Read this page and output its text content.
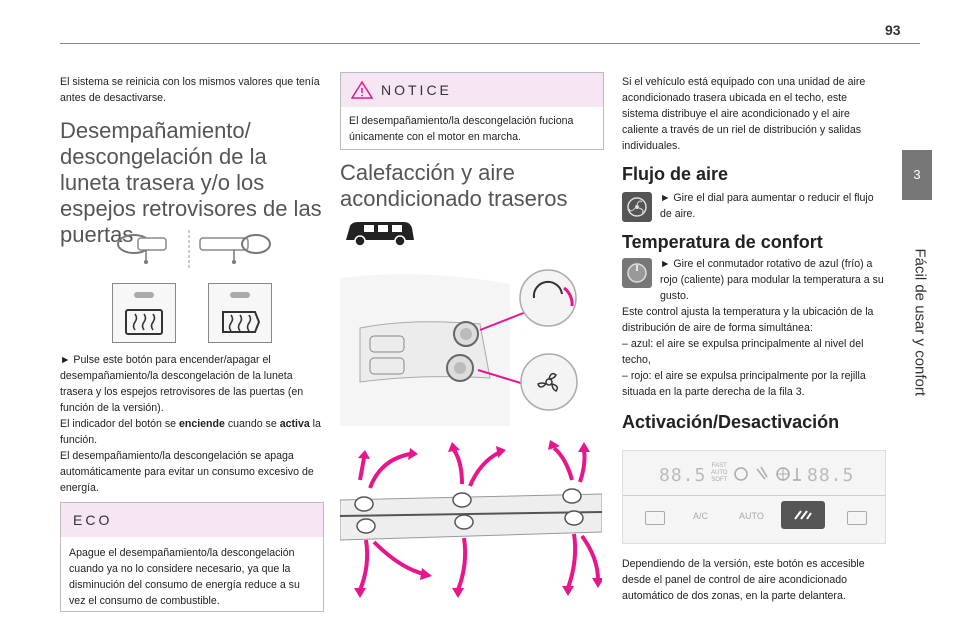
93
3
Fácil de usar y confort

El sistema se reinicia con los mismos valores que tenía antes de desactivarse.

Desempañamiento/ descongelación de la luneta trasera y/o los espejos retrovisores de las puertas

► Pulse este botón para encender/apagar el desempañamiento/la descongelación de la luneta trasera y los espejos retrovisores de las puertas (en función de la versión).

El indicador del botón se enciende cuando se activa la función.

El desempañamiento/la descongelación se apaga automáticamente para evitar un consumo excesivo de energía.

ECO

Apague el desempañamiento/la descongelación cuando ya no lo considere necesario, ya que la disminución del consumo de energía reduce a su vez el consumo de combustible.

NOTICE

El desempañamiento/la descongelación fuciona únicamente con el motor en marcha.

Calefacción y aire acondicionado traseros

Si el vehículo está equipado con una unidad de aire acondicionado trasera ubicada en el techo, este sistema distribuye el aire acondicionado y el aire caliente a través de un riel de distribución y salidas individuales.

Flujo de aire

► Gire el dial para aumentar o reducir el flujo de aire.

Temperatura de confort

► Gire el conmutador rotativo de azul (frío) a rojo (caliente) para modular la temperatura a su gusto.

Este control ajusta la temperatura y la ubicación de la distribución de aire de forma simultánea:

– azul: el aire se expulsa principalmente al nivel del techo,

– rojo: el aire se expulsa principalmente por la rejilla situada en la parte derecha de la fila 3.

Activación/Desactivación
88.5 FAST
AUTO
SOFT	88.5
A/C	AUTO

Dependiendo de la versión, este botón es accesible desde el panel de control de aire acondicionado automático de dos zonas, en la parte delantera.
